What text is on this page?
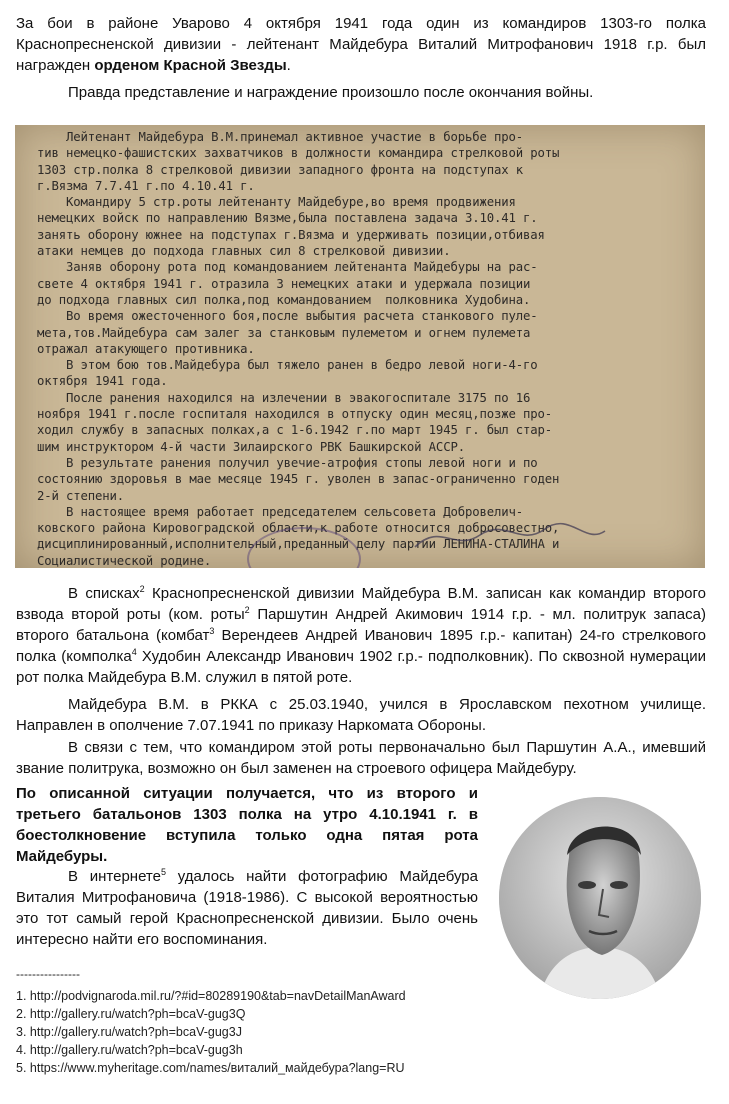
За бои в районе Уварово 4 октября 1941 года один из командиров 1303-го полка Краснопресненской дивизии - лейтенант Майдебура Виталий Митрофанович 1918 г.р. был награжден орденом Красной Звезды.

Правда представление и награждение произошло после окончания войны.

Лейтенант Майдебура В.М.принемал активное участие в борьбе про-
тив немецко-фашистских захватчиков в должности командира стрелковой роты
1303 стр.полка 8 стрелковой дивизии западного фронта на подступах к
г.Вязма 7.7.41 г.по 4.10.41 г.
Командиру 5 стр.роты лейтенанту Майдебуре,во время продвижения
немецких войск по направлению Вязме,была поставлена задача 3.10.41 г.
занять оборону южнее на подступах г.Вязма и удерживать позиции,отбивая
атаки немцев до подхода главных сил 8 стрелковой дивизии.
Заняв оборону рота под командованием лейтенанта Майдебуры на рас-
свете 4 октября 1941 г. отразила 3 немецких атаки и удержала позиции
до подхода главных сил полка,под командованием  полковника Худобина.
Во время ожесточенного боя,после выбытия расчета станкового пуле-
мета,тов.Майдебура сам залег за станковым пулеметом и огнем пулемета
отражал атакующего противника.
В этом бою тов.Майдебура был тяжело ранен в бедро левой ноги-4-го
октября 1941 года.
После ранения находился на излечении в эвакогоспитале 3175 по 16
ноября 1941 г.после госпиталя находился в отпуску один месяц,позже про-
ходил службу в запасных полках,а с 1-6.1942 г.по март 1945 г. был стар-
шим инструктором 4-й части Зилаирского РВК Башкирской АССР.
В результате ранения получил увечие-атрофия стопы левой ноги и по
состоянию здоровья в мае месяце 1945 г. уволен в запас-ограниченно годен
2-й степени.
В настоящее время работает председателем сельсовета Добровелич-
ковского района Кировоградской области,к работе относится добросовестно,
дисциплинированный,исполнительный,преданный делу партии ЛЕНИНА-СТАЛИНА и
Социалистической родине.

В списках$^2$ Краснопресненской дивизии Майдебура В.М. записан как командир второго взвода второй роты (ком. роты$^2$ Паршутин Андрей Акимович 1914 г.р. - мл. политрук запаса) второго батальона (комбат$^3$ Верендеев Андрей Иванович 1895 г.р.- капитан) 24-го стрелкового полка (комполка$^4$ Худобин Александр Иванович 1902 г.р.- подполковник). По сквозной нумерации рот полка Майдебура В.М. служил в пятой роте.

Майдебура В.М. в РККА с 25.03.1940, учился в Ярославском пехотном училище. Направлен в ополчение 7.07.1941 по приказу Наркомата Обороны.

В связи с тем, что командиром этой роты первоначально был Паршутин А.А., имевший звание политрука, возможно он был заменен на строевого офицера Майдебуру.

По описанной ситуации получается, что из второго и третьего батальонов 1303 полка на утро 4.10.1941 г. в боестолкновение вступила только одна пятая рота Майдебуры.

В интернете$^5$ удалось найти фотографию Майдебура Виталия Митрофановича (1918-1986). С высокой вероятностью это тот самый герой Краснопресненской дивизии. Было очень интересно найти его воспоминания.

----------------
1. http://podvignaroda.mil.ru/?#id=80289190&tab=navDetailManAward
2. http://gallery.ru/watch?ph=bcaV-gug3Q
3. http://gallery.ru/watch?ph=bcaV-gug3J
4. http://gallery.ru/watch?ph=bcaV-gug3h
5. https://www.myheritage.com/names/виталий_майдебура?lang=RU
